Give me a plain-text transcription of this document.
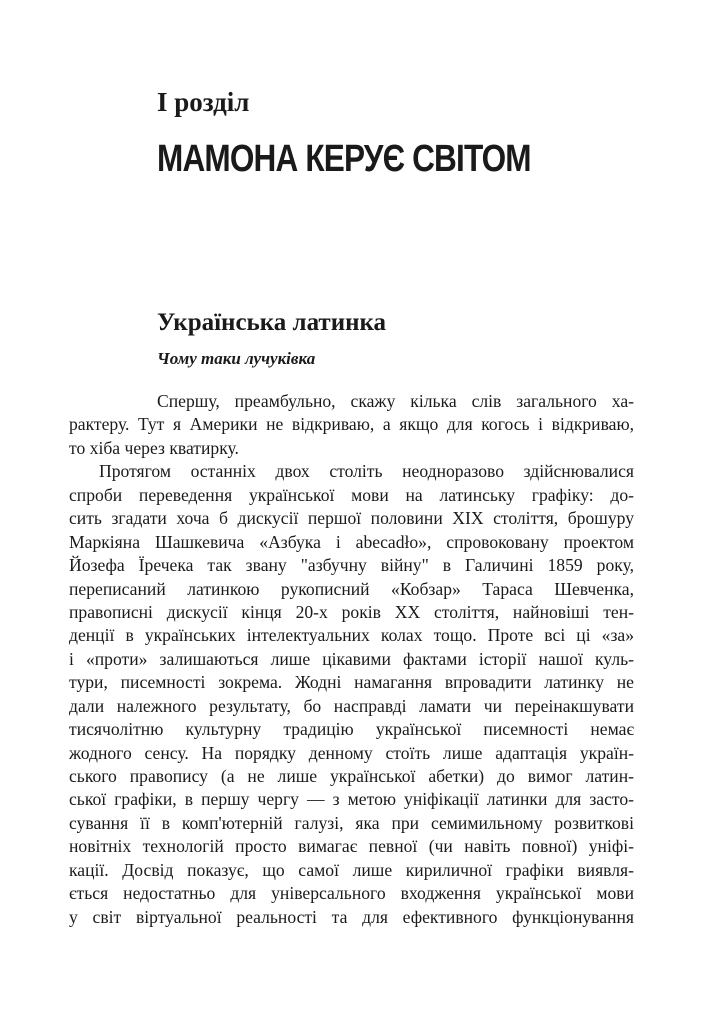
І розділ
МАМОНА КЕРУЄ СВІТОМ
Українська латинка
Чому таки лучуківка
Спершу, преамбульно, скажу кілька слів загального ха-
рактеру. Тут я Америки не відкриваю, а якщо для когось і відкриваю,
то хіба через кватирку.
Протягом останніх двох століть неодноразово здійснювалися
спроби переведення української мови на латинську графіку: до-
сить згадати хоча б дискусії першої половини XIX століття, брошуру
Маркіяна Шашкевича «Азбука і abecadło», спровоковану проектом
Йозефа Їречека так звану "азбучну війну" в Галичині 1859 року,
переписаний латинкою рукописний «Кобзар» Тараса Шевченка,
правописні дискусії кінця 20-х років XX століття, найновіші тен-
денції в українських інтелектуальних колах тощо. Проте всі ці «за»
і «проти» залишаються лише цікавими фактами історії нашої куль-
тури, писемності зокрема. Жодні намагання впровадити латинку не
дали належного результату, бо насправді ламати чи переінакшувати
тисячолітню культурну традицію української писемності немає
жодного сенсу. На порядку денному стоїть лише адаптація україн-
ського правопису (а не лише української абетки) до вимог латин-
ської графіки, в першу чергу — з метою уніфікації латинки для засто-
сування її в комп'ютерній галузі, яка при семимильному розвиткові
новітніх технологій просто вимагає певної (чи навіть повної) уніфі-
кації. Досвід показує, що самої лише кириличної графіки виявля-
ється недостатньо для універсального входження української мови
у світ віртуальної реальності та для ефективного функціонування
